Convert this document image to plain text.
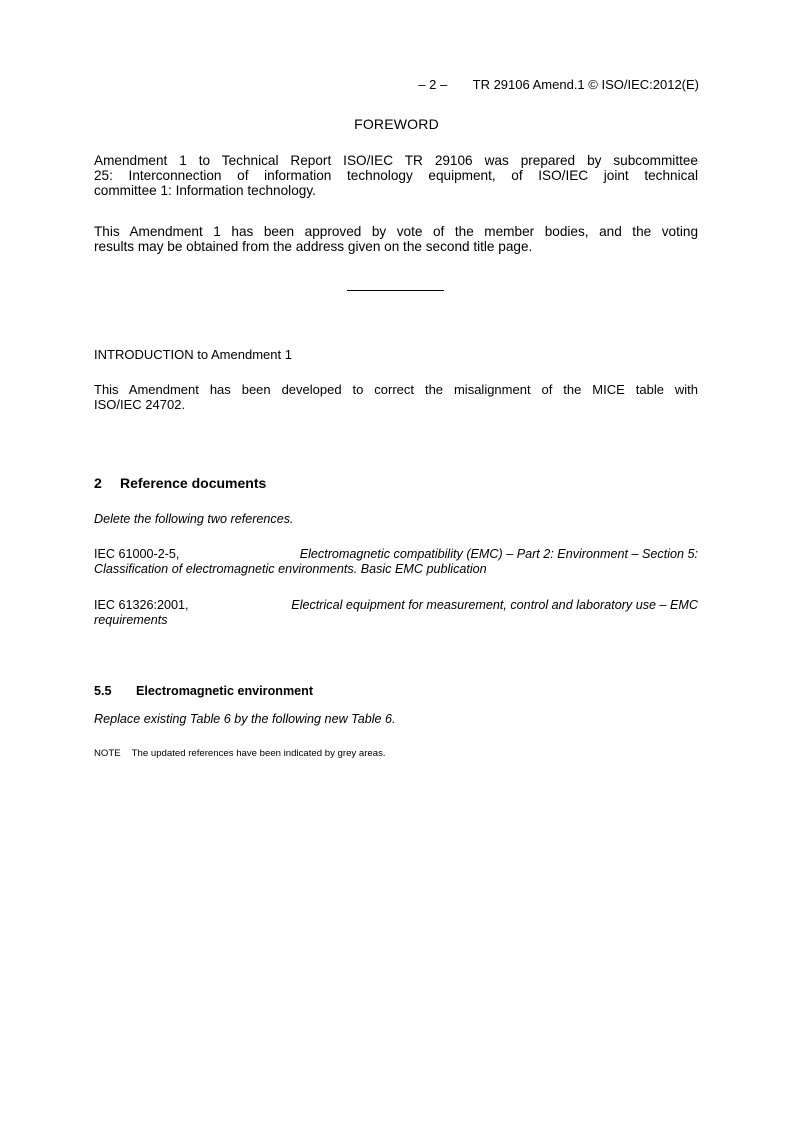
– 2 – TR 29106 Amend.1 © ISO/IEC:2012(E)
FOREWORD
Amendment 1 to Technical Report ISO/IEC TR 29106 was prepared by subcommittee
25: Interconnection of information technology equipment, of ISO/IEC joint technical
committee 1: Information technology.
This Amendment 1 has been approved by vote of the member bodies, and the voting
results may be obtained from the address given on the second title page.
INTRODUCTION to Amendment 1
This Amendment has been developed to correct the misalignment of the MICE table with
ISO/IEC 24702.
2 Reference documents
Delete the following two references.
IEC 61000-2-5,	Electromagnetic compatibility (EMC) – Part 2: Environment – Section 5:
Classification of electromagnetic environments. Basic EMC publication
IEC 61326:2001,	Electrical equipment for measurement, control and laboratory use – EMC
requirements
5.5 Electromagnetic environment
Replace existing Table 6 by the following new Table 6.
NOTE The updated references have been indicated by grey areas.
